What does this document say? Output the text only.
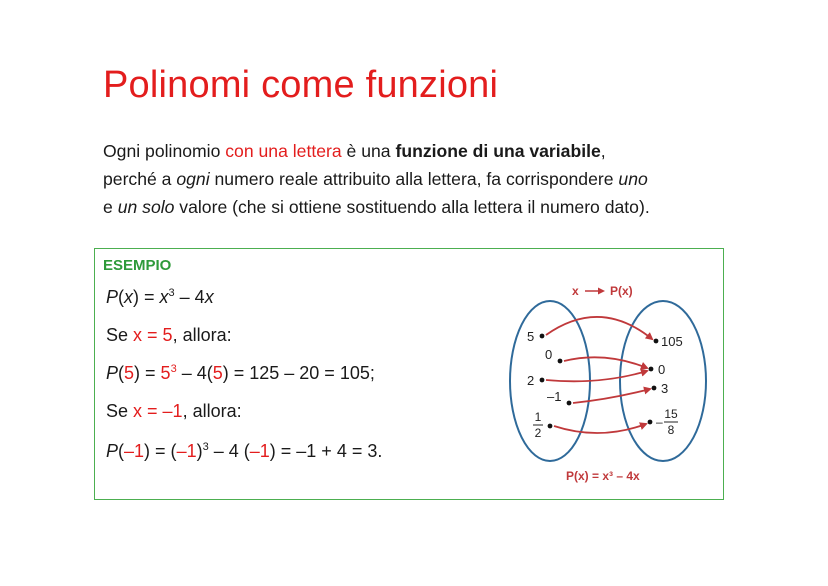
Polinomi come funzioni
Ogni polinomio con una lettera è una funzione di una variabile,
perché a ogni numero reale attribuito alla lettera, fa corrispondere uno
e un solo valore (che si ottiene sostituendo alla lettera il numero dato).
ESEMPIO
$P(x) = x^3 - 4x$
Se x = 5, allora:
$P(5) = 5^3 - 4(5) = 125 - 20 = 105$;
Se x = –1, allora:
$P(-1) = (-1)^3 - 4$ (–1) = –1 + 4 = 3.
x	P(x)
5
0
2
–1
1
2
105
0
3
–
15
8
P(x) = x³ – 4x
